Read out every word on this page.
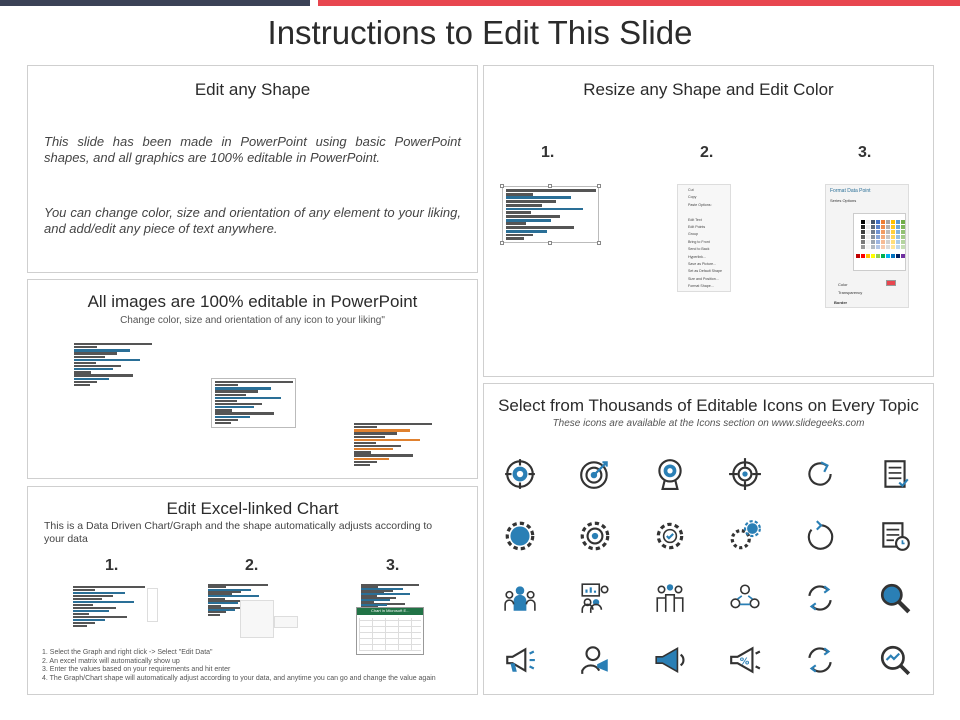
Instructions to Edit This Slide
Edit any Shape
This slide has been made in PowerPoint using basic PowerPoint shapes, and all graphics are 100% editable in PowerPoint.
You can change color, size and orientation of any element to your liking, and add/edit any piece of text anywhere.
Resize any Shape and Edit Color
1.	2.	3.
Cut
Copy
Paste Options:
Edit Text
Edit Points
Group
Bring to Front
Send to Back
Hyperlink...
Save as Picture...
Set as Default Shape
Size and Position...
Format Shape...
Format Data Point
Series Options
Color
Transparency
Border
All images are 100% editable in PowerPoint
Change color, size and orientation of any icon to your liking"
Select from Thousands of Editable Icons on Every Topic
These icons are available at the Icons section on www.slidegeeks.com
%
Edit Excel-linked Chart
This is a Data Driven Chart/Graph and the shape automatically adjusts according to your data
1.	2.	3.
Chart in Microsoft E...
1. Select the Graph and right click -> Select "Edit Data"
2. An excel matrix will automatically show up
3. Enter the values based on your requirements and hit enter
4. The Graph/Chart shape will automatically adjust according to your data, and anytime you can go and change the value again
